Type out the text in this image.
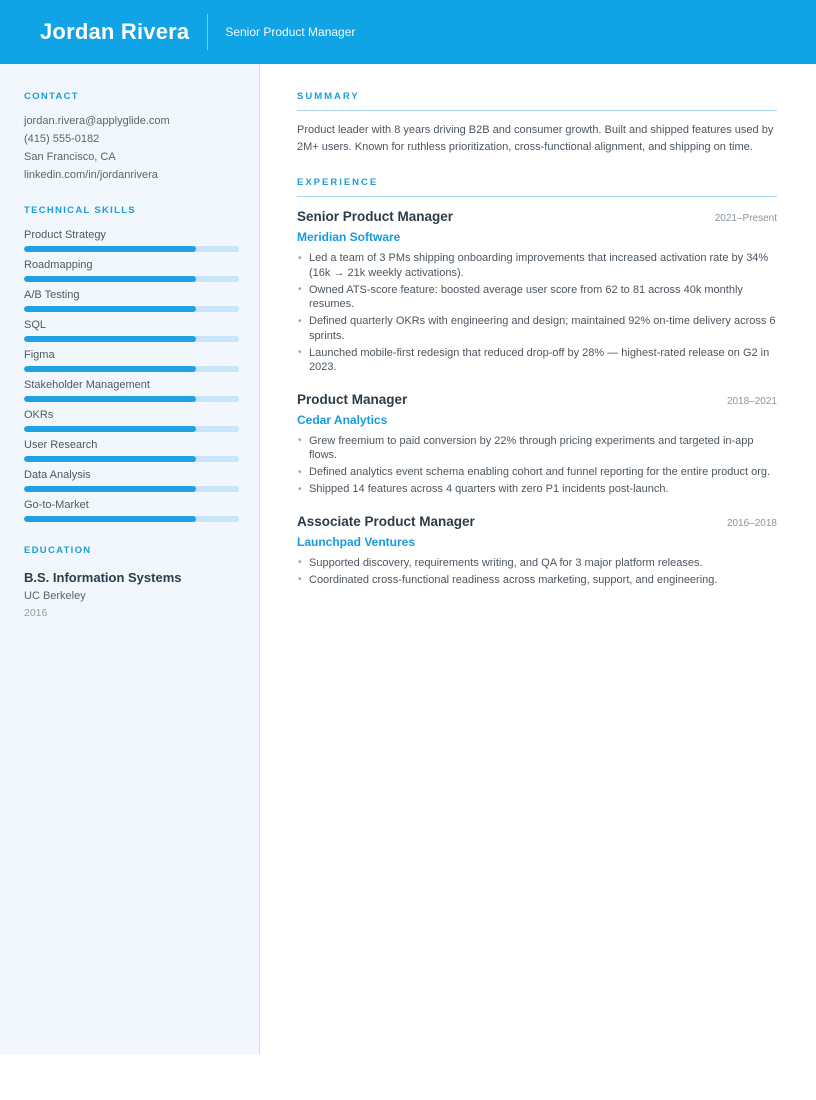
Jordan Rivera	Senior Product Manager
CONTACT
jordan.rivera@applyglide.com
(415) 555-0182
San Francisco, CA
linkedin.com/in/jordanrivera
TECHNICAL SKILLS
Product Strategy
Roadmapping
A/B Testing
SQL
Figma
Stakeholder Management
OKRs
User Research
Data Analysis
Go-to-Market
EDUCATION
B.S. Information Systems
UC Berkeley
2016
SUMMARY

Product leader with 8 years driving B2B and consumer growth. Built and shipped features used by 2M+ users. Known for ruthless prioritization, cross-functional alignment, and shipping on time.

EXPERIENCE
Senior Product Manager	2021–Present
Meridian Software
• Led a team of 3 PMs shipping onboarding improvements that increased activation rate by 34% (16k → 21k weekly activations).
• Owned ATS-score feature: boosted average user score from 62 to 81 across 40k monthly resumes.
• Defined quarterly OKRs with engineering and design; maintained 92% on-time delivery across 6 sprints.
• Launched mobile-first redesign that reduced drop-off by 28% — highest-rated release on G2 in 2023.
Product Manager	2018–2021
Cedar Analytics
• Grew freemium to paid conversion by 22% through pricing experiments and targeted in-app flows.
• Defined analytics event schema enabling cohort and funnel reporting for the entire product org.
• Shipped 14 features across 4 quarters with zero P1 incidents post-launch.
Associate Product Manager	2016–2018
Launchpad Ventures
• Supported discovery, requirements writing, and QA for 3 major platform releases.
• Coordinated cross-functional readiness across marketing, support, and engineering.
